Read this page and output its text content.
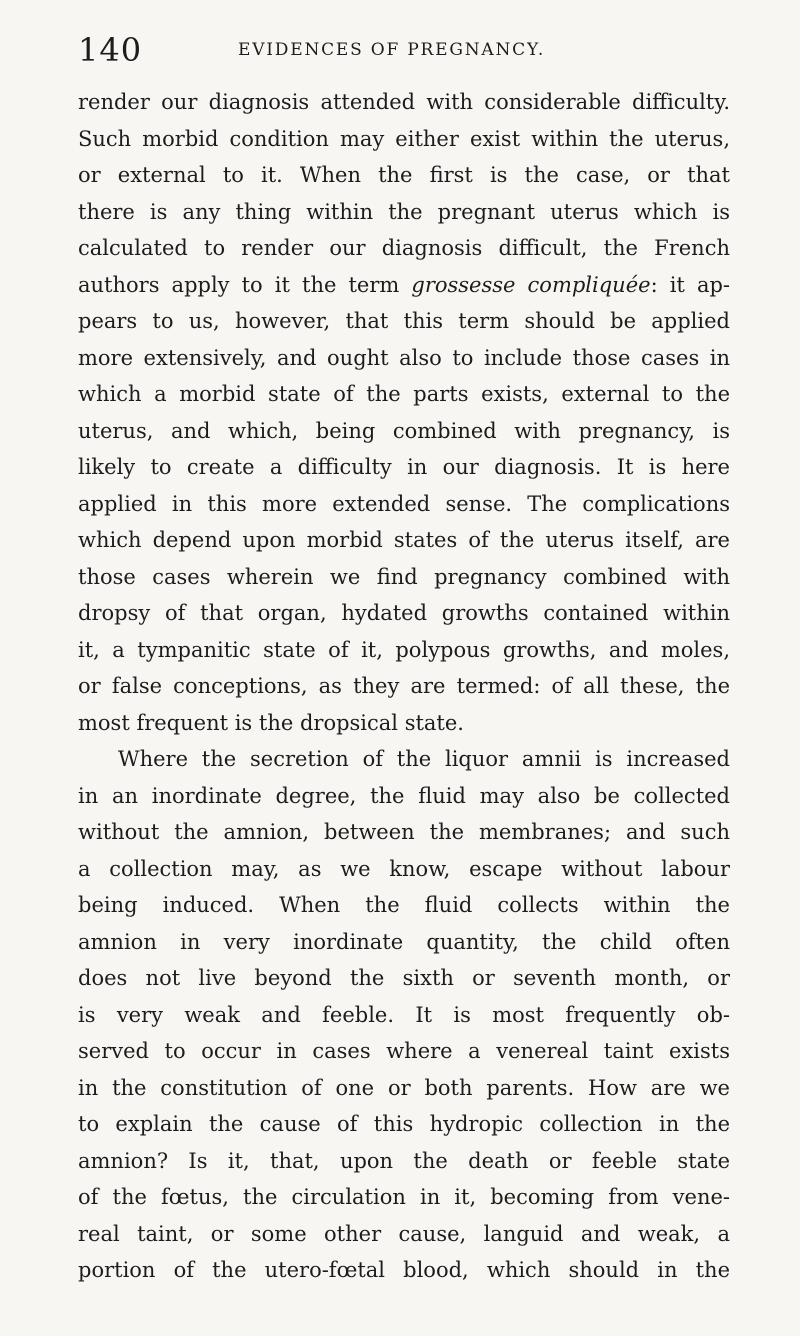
140	EVIDENCES OF PREGNANCY.
render our diagnosis attended with considerable difficulty.
Such morbid condition may either exist within the uterus,
or external to it. When the first is the case, or that
there is any thing within the pregnant uterus which is
calculated to render our diagnosis difficult, the French
authors apply to it the term grossesse compliquée: it ap-
pears to us, however, that this term should be applied
more extensively, and ought also to include those cases in
which a morbid state of the parts exists, external to the
uterus, and which, being combined with pregnancy, is
likely to create a difficulty in our diagnosis. It is here
applied in this more extended sense. The complications
which depend upon morbid states of the uterus itself, are
those cases wherein we find pregnancy combined with
dropsy of that organ, hydated growths contained within
it, a tympanitic state of it, polypous growths, and moles,
or false conceptions, as they are termed: of all these, the
most frequent is the dropsical state.
Where the secretion of the liquor amnii is increased
in an inordinate degree, the fluid may also be collected
without the amnion, between the membranes; and such
a collection may, as we know, escape without labour
being induced. When the fluid collects within the
amnion in very inordinate quantity, the child often
does not live beyond the sixth or seventh month, or
is very weak and feeble. It is most frequently ob-
served to occur in cases where a venereal taint exists
in the constitution of one or both parents. How are we
to explain the cause of this hydropic collection in the
amnion? Is it, that, upon the death or feeble state
of the fœtus, the circulation in it, becoming from vene-
real taint, or some other cause, languid and weak, a
portion of the utero-fœtal blood, which should in the
